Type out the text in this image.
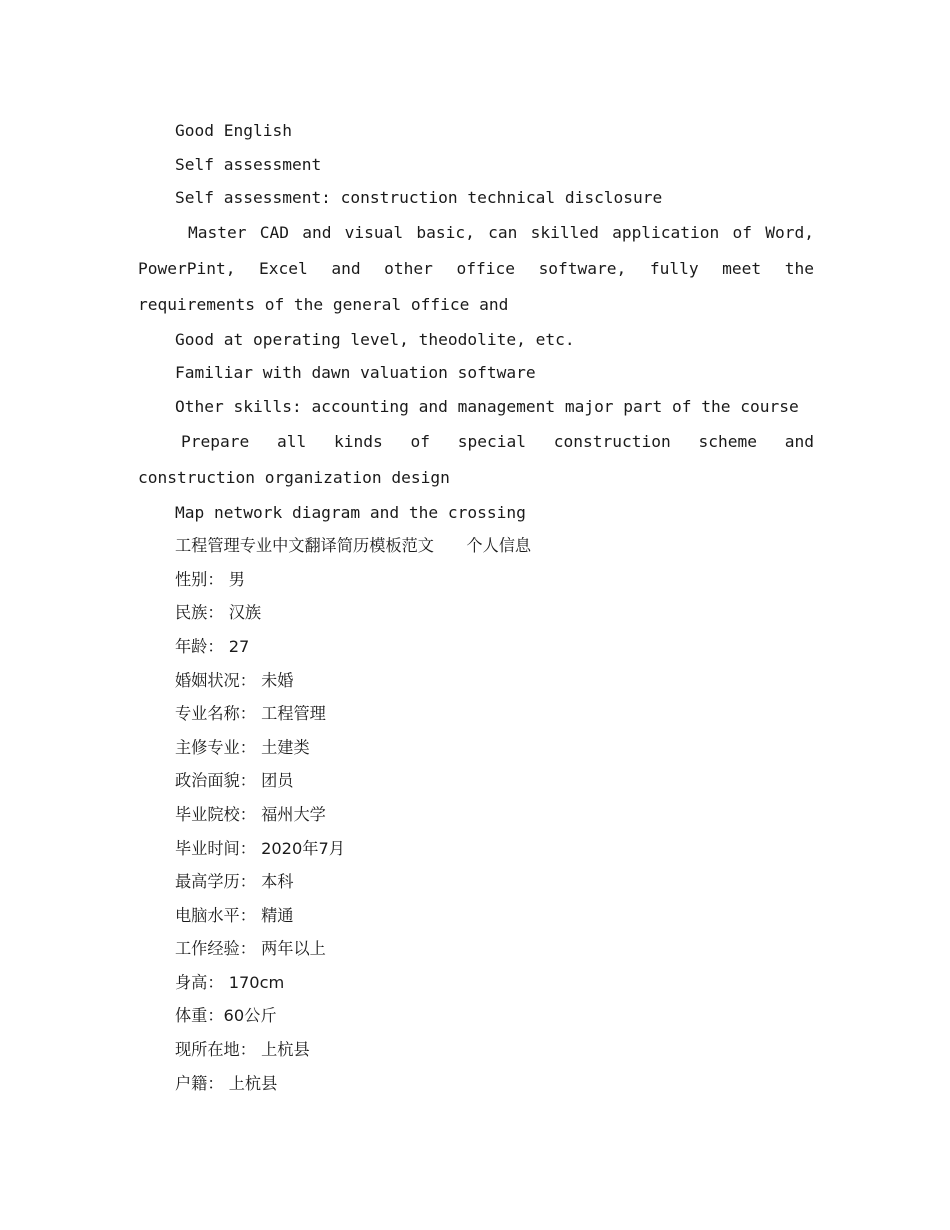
Good English

Self assessment

Self assessment: construction technical disclosure

Master CAD and visual basic, can skilled application of Word, PowerPint, Excel and other office software, fully meet the requirements of the general office and

Good at operating level, theodolite, etc.

Familiar with dawn valuation software

Other skills: accounting and management major part of the course

Prepare all kinds of special construction scheme and construction organization design

Map network diagram and the crossing

工程管理专业中文翻译简历模板范文　　个人信息

性别： 男

民族： 汉族

年龄： 27

婚姻状况： 未婚

专业名称： 工程管理

主修专业： 土建类

政治面貌： 团员

毕业院校： 福州大学

毕业时间： 2020年7月

最高学历： 本科

电脑水平： 精通

工作经验： 两年以上

身高： 170cm

体重：60公斤

现所在地： 上杭县

户籍： 上杭县
